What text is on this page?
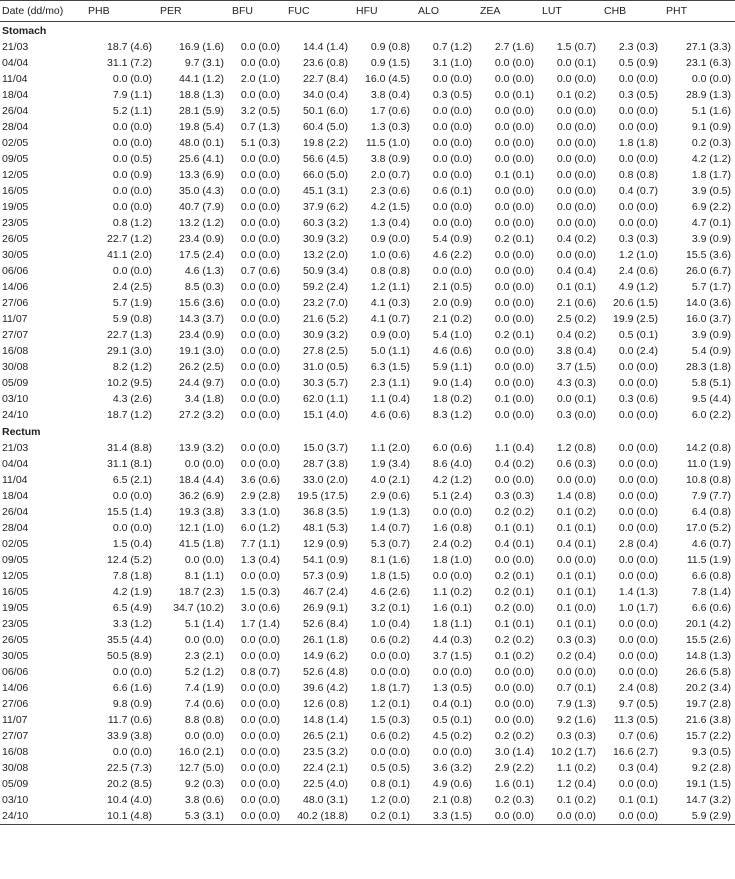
Date (dd/mo)	PHB	PER	BFU	FUC	HFU	ALO	ZEA	LUT	CHB	PHT
Stomach										
21/03	18.7 (4.6)	16.9 (1.6)	0.0 (0.0)	14.4 (1.4)	0.9 (0.8)	0.7 (1.2)	2.7 (1.6)	1.5 (0.7)	2.3 (0.3)	27.1 (3.3)
04/04	31.1 (7.2)	9.7 (3.1)	0.0 (0.0)	23.6 (0.8)	0.9 (1.5)	3.1 (1.0)	0.0 (0.0)	0.0 (0.1)	0.5 (0.9)	23.1 (6.3)
11/04	0.0 (0.0)	44.1 (1.2)	2.0 (1.0)	22.7 (8.4)	16.0 (4.5)	0.0 (0.0)	0.0 (0.0)	0.0 (0.0)	0.0 (0.0)	0.0 (0.0)
18/04	7.9 (1.1)	18.8 (1.3)	0.0 (0.0)	34.0 (0.4)	3.8 (0.4)	0.3 (0.5)	0.0 (0.1)	0.1 (0.2)	0.3 (0.5)	28.9 (1.3)
26/04	5.2 (1.1)	28.1 (5.9)	3.2 (0.5)	50.1 (6.0)	1.7 (0.6)	0.0 (0.0)	0.0 (0.0)	0.0 (0.0)	0.0 (0.0)	5.1 (1.6)
28/04	0.0 (0.0)	19.8 (5.4)	0.7 (1.3)	60.4 (5.0)	1.3 (0.3)	0.0 (0.0)	0.0 (0.0)	0.0 (0.0)	0.0 (0.0)	9.1 (0.9)
02/05	0.0 (0.0)	48.0 (0.1)	5.1 (0.3)	19.8 (2.2)	11.5 (1.0)	0.0 (0.0)	0.0 (0.0)	0.0 (0.0)	1.8 (1.8)	0.2 (0.3)
09/05	0.0 (0.5)	25.6 (4.1)	0.0 (0.0)	56.6 (4.5)	3.8 (0.9)	0.0 (0.0)	0.0 (0.0)	0.0 (0.0)	0.0 (0.0)	4.2 (1.2)
12/05	0.0 (0.9)	13.3 (6.9)	0.0 (0.0)	66.0 (5.0)	2.0 (0.7)	0.0 (0.0)	0.1 (0.1)	0.0 (0.0)	0.8 (0.8)	1.8 (1.7)
16/05	0.0 (0.0)	35.0 (4.3)	0.0 (0.0)	45.1 (3.1)	2.3 (0.6)	0.6 (0.1)	0.0 (0.0)	0.0 (0.0)	0.4 (0.7)	3.9 (0.5)
19/05	0.0 (0.0)	40.7 (7.9)	0.0 (0.0)	37.9 (6.2)	4.2 (1.5)	0.0 (0.0)	0.0 (0.0)	0.0 (0.0)	0.0 (0.0)	6.9 (2.2)
23/05	0.8 (1.2)	13.2 (1.2)	0.0 (0.0)	60.3 (3.2)	1.3 (0.4)	0.0 (0.0)	0.0 (0.0)	0.0 (0.0)	0.0 (0.0)	4.7 (0.1)
26/05	22.7 (1.2)	23.4 (0.9)	0.0 (0.0)	30.9 (3.2)	0.9 (0.0)	5.4 (0.9)	0.2 (0.1)	0.4 (0.2)	0.3 (0.3)	3.9 (0.9)
30/05	41.1 (2.0)	17.5 (2.4)	0.0 (0.0)	13.2 (2.0)	1.0 (0.6)	4.6 (2.2)	0.0 (0.0)	0.0 (0.0)	1.2 (1.0)	15.5 (3.6)
06/06	0.0 (0.0)	4.6 (1.3)	0.7 (0.6)	50.9 (3.4)	0.8 (0.8)	0.0 (0.0)	0.0 (0.0)	0.4 (0.4)	2.4 (0.6)	26.0 (6.7)
14/06	2.4 (2.5)	8.5 (0.3)	0.0 (0.0)	59.2 (2.4)	1.2 (1.1)	2.1 (0.5)	0.0 (0.0)	0.1 (0.1)	4.9 (1.2)	5.7 (1.7)
27/06	5.7 (1.9)	15.6 (3.6)	0.0 (0.0)	23.2 (7.0)	4.1 (0.3)	2.0 (0.9)	0.0 (0.0)	2.1 (0.6)	20.6 (1.5)	14.0 (3.6)
11/07	5.9 (0.8)	14.3 (3.7)	0.0 (0.0)	21.6 (5.2)	4.1 (0.7)	2.1 (0.2)	0.0 (0.0)	2.5 (0.2)	19.9 (2.5)	16.0 (3.7)
27/07	22.7 (1.3)	23.4 (0.9)	0.0 (0.0)	30.9 (3.2)	0.9 (0.0)	5.4 (1.0)	0.2 (0.1)	0.4 (0.2)	0.5 (0.1)	3.9 (0.9)
16/08	29.1 (3.0)	19.1 (3.0)	0.0 (0.0)	27.8 (2.5)	5.0 (1.1)	4.6 (0.6)	0.0 (0.0)	3.8 (0.4)	0.0 (2.4)	5.4 (0.9)
30/08	8.2 (1.2)	26.2 (2.5)	0.0 (0.0)	31.0 (0.5)	6.3 (1.5)	5.9 (1.1)	0.0 (0.0)	3.7 (1.5)	0.0 (0.0)	28.3 (1.8)
05/09	10.2 (9.5)	24.4 (9.7)	0.0 (0.0)	30.3 (5.7)	2.3 (1.1)	9.0 (1.4)	0.0 (0.0)	4.3 (0.3)	0.0 (0.0)	5.8 (5.1)
03/10	4.3 (2.6)	3.4 (1.8)	0.0 (0.0)	62.0 (1.1)	1.1 (0.4)	1.8 (0.2)	0.1 (0.0)	0.0 (0.1)	0.3 (0.6)	9.5 (4.4)
24/10	18.7 (1.2)	27.2 (3.2)	0.0 (0.0)	15.1 (4.0)	4.6 (0.6)	8.3 (1.2)	0.0 (0.0)	0.3 (0.0)	0.0 (0.0)	6.0 (2.2)
Rectum										
21/03	31.4 (8.8)	13.9 (3.2)	0.0 (0.0)	15.0 (3.7)	1.1 (2.0)	6.0 (0.6)	1.1 (0.4)	1.2 (0.8)	0.0 (0.0)	14.2 (0.8)
04/04	31.1 (8.1)	0.0 (0.0)	0.0 (0.0)	28.7 (3.8)	1.9 (3.4)	8.6 (4.0)	0.4 (0.2)	0.6 (0.3)	0.0 (0.0)	11.0 (1.9)
11/04	6.5 (2.1)	18.4 (4.4)	3.6 (0.6)	33.0 (2.0)	4.0 (2.1)	4.2 (1.2)	0.0 (0.0)	0.0 (0.0)	0.0 (0.0)	10.8 (0.8)
18/04	0.0 (0.0)	36.2 (6.9)	2.9 (2.8)	19.5 (17.5)	2.9 (0.6)	5.1 (2.4)	0.3 (0.3)	1.4 (0.8)	0.0 (0.0)	7.9 (7.7)
26/04	15.5 (1.4)	19.3 (3.8)	3.3 (1.0)	36.8 (3.5)	1.9 (1.3)	0.0 (0.0)	0.2 (0.2)	0.1 (0.2)	0.0 (0.0)	6.4 (0.8)
28/04	0.0 (0.0)	12.1 (1.0)	6.0 (1.2)	48.1 (5.3)	1.4 (0.7)	1.6 (0.8)	0.1 (0.1)	0.1 (0.1)	0.0 (0.0)	17.0 (5.2)
02/05	1.5 (0.4)	41.5 (1.8)	7.7 (1.1)	12.9 (0.9)	5.3 (0.7)	2.4 (0.2)	0.4 (0.1)	0.4 (0.1)	2.8 (0.4)	4.6 (0.7)
09/05	12.4 (5.2)	0.0 (0.0)	1.3 (0.4)	54.1 (0.9)	8.1 (1.6)	1.8 (1.0)	0.0 (0.0)	0.0 (0.0)	0.0 (0.0)	11.5 (1.9)
12/05	7.8 (1.8)	8.1 (1.1)	0.0 (0.0)	57.3 (0.9)	1.8 (1.5)	0.0 (0.0)	0.2 (0.1)	0.1 (0.1)	0.0 (0.0)	6.6 (0.8)
16/05	4.2 (1.9)	18.7 (2.3)	1.5 (0.3)	46.7 (2.4)	4.6 (2.6)	1.1 (0.2)	0.2 (0.1)	0.1 (0.1)	1.4 (1.3)	7.8 (1.4)
19/05	6.5 (4.9)	34.7 (10.2)	3.0 (0.6)	26.9 (9.1)	3.2 (0.1)	1.6 (0.1)	0.2 (0.0)	0.1 (0.0)	1.0 (1.7)	6.6 (0.6)
23/05	3.3 (1.2)	5.1 (1.4)	1.7 (1.4)	52.6 (8.4)	1.0 (0.4)	1.8 (1.1)	0.1 (0.1)	0.1 (0.1)	0.0 (0.0)	20.1 (4.2)
26/05	35.5 (4.4)	0.0 (0.0)	0.0 (0.0)	26.1 (1.8)	0.6 (0.2)	4.4 (0.3)	0.2 (0.2)	0.3 (0.3)	0.0 (0.0)	15.5 (2.6)
30/05	50.5 (8.9)	2.3 (2.1)	0.0 (0.0)	14.9 (6.2)	0.0 (0.0)	3.7 (1.5)	0.1 (0.2)	0.2 (0.4)	0.0 (0.0)	14.8 (1.3)
06/06	0.0 (0.0)	5.2 (1.2)	0.8 (0.7)	52.6 (4.8)	0.0 (0.0)	0.0 (0.0)	0.0 (0.0)	0.0 (0.0)	0.0 (0.0)	26.6 (5.8)
14/06	6.6 (1.6)	7.4 (1.9)	0.0 (0.0)	39.6 (4.2)	1.8 (1.7)	1.3 (0.5)	0.0 (0.0)	0.7 (0.1)	2.4 (0.8)	20.2 (3.4)
27/06	9.8 (0.9)	7.4 (0.6)	0.0 (0.0)	12.6 (0.8)	1.2 (0.1)	0.4 (0.1)	0.0 (0.0)	7.9 (1.3)	9.7 (0.5)	19.7 (2.8)
11/07	11.7 (0.6)	8.8 (0.8)	0.0 (0.0)	14.8 (1.4)	1.5 (0.3)	0.5 (0.1)	0.0 (0.0)	9.2 (1.6)	11.3 (0.5)	21.6 (3.8)
27/07	33.9 (3.8)	0.0 (0.0)	0.0 (0.0)	26.5 (2.1)	0.6 (0.2)	4.5 (0.2)	0.2 (0.2)	0.3 (0.3)	0.7 (0.6)	15.7 (2.2)
16/08	0.0 (0.0)	16.0 (2.1)	0.0 (0.0)	23.5 (3.2)	0.0 (0.0)	0.0 (0.0)	3.0 (1.4)	10.2 (1.7)	16.6 (2.7)	9.3 (0.5)
30/08	22.5 (7.3)	12.7 (5.0)	0.0 (0.0)	22.4 (2.1)	0.5 (0.5)	3.6 (3.2)	2.9 (2.2)	1.1 (0.2)	0.3 (0.4)	9.2 (2.8)
05/09	20.2 (8.5)	9.2 (0.3)	0.0 (0.0)	22.5 (4.0)	0.8 (0.1)	4.9 (0.6)	1.6 (0.1)	1.2 (0.4)	0.0 (0.0)	19.1 (1.5)
03/10	10.4 (4.0)	3.8 (0.6)	0.0 (0.0)	48.0 (3.1)	1.2 (0.0)	2.1 (0.8)	0.2 (0.3)	0.1 (0.2)	0.1 (0.1)	14.7 (3.2)
24/10	10.1 (4.8)	5.3 (3.1)	0.0 (0.0)	40.2 (18.8)	0.2 (0.1)	3.3 (1.5)	0.0 (0.0)	0.0 (0.0)	0.0 (0.0)	5.9 (2.9)
